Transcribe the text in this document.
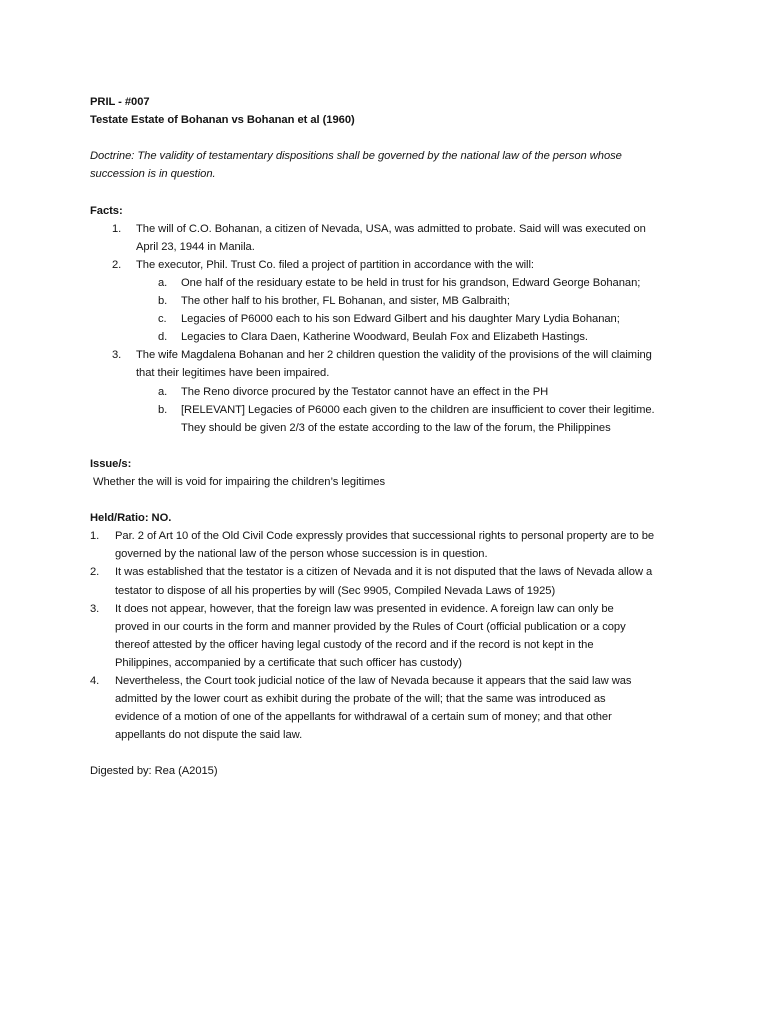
PRIL - #007
Testate Estate of Bohanan vs Bohanan et al (1960)
Doctrine: The validity of testamentary dispositions shall be governed by the national law of the person whose
succession is in question.
Facts:
1. The will of C.O. Bohanan, a citizen of Nevada, USA, was admitted to probate. Said will was executed on
April 23, 1944 in Manila.
2. The executor, Phil. Trust Co. filed a project of partition in accordance with the will:
a. One half of the residuary estate to be held in trust for his grandson, Edward George Bohanan;
b. The other half to his brother, FL Bohanan, and sister, MB Galbraith;
c. Legacies of P6000 each to his son Edward Gilbert and his daughter Mary Lydia Bohanan;
d. Legacies to Clara Daen, Katherine Woodward, Beulah Fox and Elizabeth Hastings.
3. The wife Magdalena Bohanan and her 2 children question the validity of the provisions of the will claiming
that their legitimes have been impaired.
a. The Reno divorce procured by the Testator cannot have an effect in the PH
b. [RELEVANT] Legacies of P6000 each given to the children are insufficient to cover their legitime.
They should be given 2/3 of the estate according to the law of the forum, the Philippines
Issue/s:
Whether the will is void for impairing the children’s legitimes
Held/Ratio: NO.
1. Par. 2 of Art 10 of the Old Civil Code expressly provides that successional rights to personal property are to be
governed by the national law of the person whose succession is in question.
2. It was established that the testator is a citizen of Nevada and it is not disputed that the laws of Nevada allow a
testator to dispose of all his properties by will (Sec 9905, Compiled Nevada Laws of 1925)
3. It does not appear, however, that the foreign law was presented in evidence. A foreign law can only be
proved in our courts in the form and manner provided by the Rules of Court (official publication or a copy
thereof attested by the officer having legal custody of the record and if the record is not kept in the
Philippines, accompanied by a certificate that such officer has custody)
4. Nevertheless, the Court took judicial notice of the law of Nevada because it appears that the said law was
admitted by the lower court as exhibit during the probate of the will; that the same was introduced as
evidence of a motion of one of the appellants for withdrawal of a certain sum of money; and that other
appellants do not dispute the said law.
Digested by: Rea (A2015)
